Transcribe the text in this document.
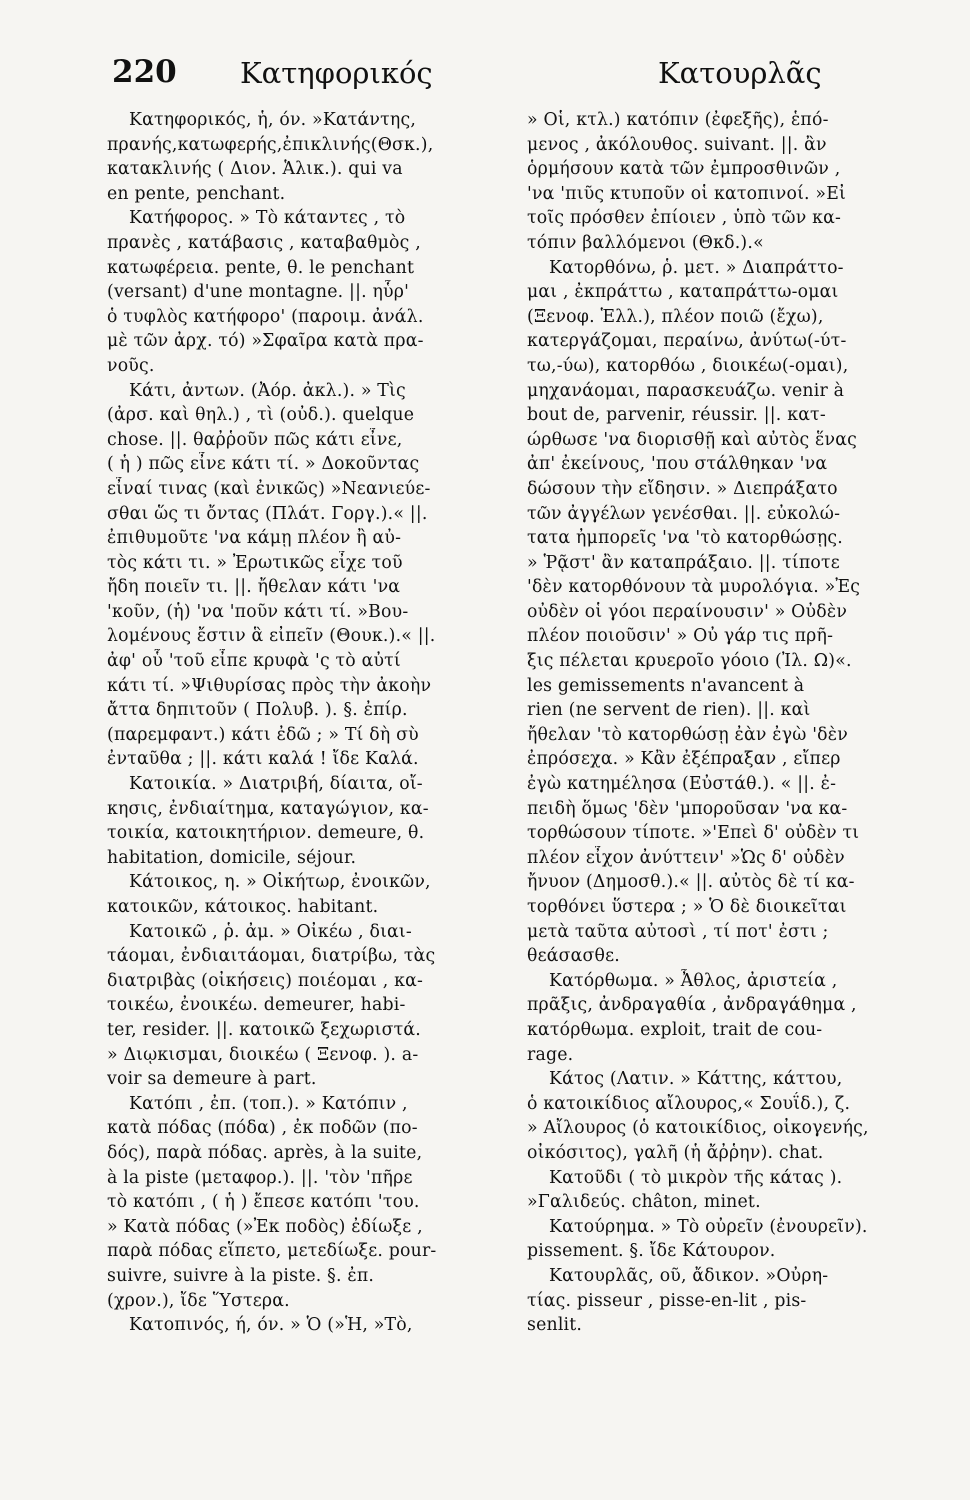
220 Κατηφορικός	Κατουρλᾶς
Κατηφορικός, ἡ, όν. »Κατάντης,
πρανής,κατωφερής,ἐπικλινής(Θσκ.),
κατακλινής ( Διον. Ἁλικ.). qui va
en pente, penchant.
Κατήφορος. » Τὸ κάταντες , τὸ
πρανὲς , κατάβασις , καταβαθμὸς ,
κατωφέρεια. pente, θ. le penchant
(versant) d'une montagne. ||. ηὗρ'
ὁ τυφλὸς κατήφορο' (παροιμ. ἀνάλ.
μὲ τῶν ἀρχ. τό) »Σφαῖρα κατὰ πρα-
νοῦς.
Κάτι, ἀντων. (Ἀόρ. ἀκλ.). » Τὶς
(ἀρσ. καὶ θηλ.) , τὶ (οὐδ.). quelque
chose. ||. θαῤῥοῦν πῶς κάτι εἶνε,
( ἡ ) πῶς εἶνε κάτι τί. » Δοκοῦντας
εἶναί τινας (καὶ ἐνικῶς) »Νεανιεύε-
σθαι ὥς τι ὄντας (Πλάτ. Γοργ.).« ||.
ἐπιθυμοῦτε 'να κάμῃ πλέον ἢ αὐ-
τὸς κάτι τι. » Ἐρωτικῶς εἶχε τοῦ
ἤδη ποιεῖν τι. ||. ἤθελαν κάτι 'να
'κοῦν, (ἡ) 'να 'ποῦν κάτι τί. »Βου-
λομένους ἔστιν ἃ εἰπεῖν (Θουκ.).« ||.
ἀφ' οὗ 'τοῦ εἶπε κρυφὰ 'ς τὸ αὐτί
κάτι τί. »Ψιθυρίσας πρὸς τὴν ἀκοὴν
ἄττα δηπιτοῦν ( Πολυβ. ). §. ἐπίρ.
(παρεμφαντ.) κάτι ἐδῶ ; » Τί δὴ σὺ
ἐνταῦθα ; ||. κάτι καλά ! ἴδε Καλά.
Κατοικία. » Διατριβή, δίαιτα, οἴ-
κησις, ἐνδιαίτημα, καταγώγιον, κα-
τοικία, κατοικητήριον. demeure, θ.
habitation, domicile, séjour.
Κάτοικος, η. » Οἰκήτωρ, ἐνοικῶν,
κατοικῶν, κάτοικος. habitant.
Κατοικῶ , ῥ. ἀμ. » Οἰκέω , διαι-
τάομαι, ἐνδιαιτάομαι, διατρίβω, τὰς
διατριβὰς (οἰκήσεις) ποιέομαι , κα-
τοικέω, ἐνοικέω. demeurer, habi-
ter, resider. ||. κατοικῶ ξεχωριστά.
» Διῳκισμαι, διοικέω ( Ξενοφ. ). a-
voir sa demeure à part.
Κατόπι , ἐπ. (τοπ.). » Κατόπιν ,
κατὰ πόδας (πόδα) , ἐκ ποδῶν (πο-
δός), παρὰ πόδας. après, à la suite,
à la piste (μεταφορ.). ||. 'τὸν 'πῆρε
τὸ κατόπι , ( ἡ ) ἔπεσε κατόπι 'του.
» Κατὰ πόδας (»Ἐκ ποδὸς) ἐδίωξε ,
παρὰ πόδας εἵπετο, μετεδίωξε. pour-
suivre, suivre à la piste. §. ἐπ.
(χρον.), ἴδε Ὕστερα.
Κατοπινός, ή, όν. » Ὁ (»Ἡ, »Τὸ,
» Οἱ, κτλ.) κατόπιν (ἐφεξῆς), ἑπό-
μενος , ἀκόλουθος. suivant. ||. ἂν
ὁρμήσουν κατὰ τῶν ἐμπροσθινῶν ,
'να 'πιῦς κτυποῦν οἱ κατοπινοί. »Εἰ
τοῖς πρόσθεν ἐπίοιεν , ὑπὸ τῶν κα-
τόπιν βαλλόμενοι (Θκδ.).«
Κατορθόνω, ῥ. μετ. » Διαπράττο-
μαι , ἐκπράττω , καταπράττω-ομαι
(Ξενοφ. Ἑλλ.), πλέον ποιῶ (ἔχω),
κατεργάζομαι, περαίνω, ἀνύτω(-ύτ-
τω,-ύω), κατορθόω , διοικέω(-ομαι),
μηχανάομαι, παρασκευάζω. venir à
bout de, parvenir, réussir. ||. κατ-
ώρθωσε 'να διορισθῇ καὶ αὐτὸς ἕνας
ἀπ' ἐκείνους, 'που στάλθηκαν 'να
δώσουν τὴν εἴδησιν. » Διεπράξατο
τῶν ἀγγέλων γενέσθαι. ||. εὐκολώ-
τατα ἠμπορεῖς 'να 'τὸ κατορθώσῃς.
» Ῥᾷστ' ἂν καταπράξαιο. ||. τίποτε
'δὲν κατορθόνουν τὰ μυρολόγια. »Ἐς
οὐδὲν οἱ γόοι περαίνουσιν' » Οὐδὲν
πλέον ποιοῦσιν' » Οὐ γάρ τις πρῆ-
ξις πέλεται κρυεροῖο γόοιο (Ἰλ. Ω)«.
les gemissements n'avancent à
rien (ne servent de rien). ||. καὶ
ἤθελαν 'τὸ κατορθώσῃ ἐὰν ἐγὼ 'δὲν
ἐπρόσεχα. » Κἂν ἐξέπραξαν , εἴπερ
ἐγὼ κατημέλησα (Εὐστάθ.). « ||. ἐ-
πειδὴ ὅμως 'δὲν 'μποροῦσαν 'να κα-
τορθώσουν τίποτε. »'Επεὶ δ' οὐδὲν τι
πλέον εἶχον ἀνύττειν' »Ὡς δ' οὐδὲν
ἤνυον (Δημοσθ.).« ||. αὐτὸς δὲ τί κα-
τορθόνει ὕστερα ; » Ὁ δὲ διοικεῖται
μετὰ ταῦτα αὐτοσὶ , τί ποτ' ἐστι ;
θεάσασθε.
Κατόρθωμα. » Ἆθλος, ἀριστεία ,
πρᾶξις, ἀνδραγαθία , ἀνδραγάθημα ,
κατόρθωμα. exploit, trait de cou-
rage.
Κάτος (Λατιν. » Κάττης, κάττου,
ὁ κατοικίδιος αἴλουρος,« Σουΐδ.), ζ.
» Αἴλουρος (ὁ κατοικίδιος, οἰκογενής,
οἰκόσιτος), γαλῆ (ἡ ἄῤῥην). chat.
Κατοῦδι ( τὸ μικρὸν τῆς κάτας ).
»Γαλιδεύς. châton, minet.
Κατούρημα. » Τὸ οὐρεῖν (ἐνουρεῖν).
pissement. §. ἴδε Κάτουρον.
Κατουρλᾶς, οῦ, ἄδικον. »Οὐρη-
τίας. pisseur , pisse-en-lit , pis-
senlit.
